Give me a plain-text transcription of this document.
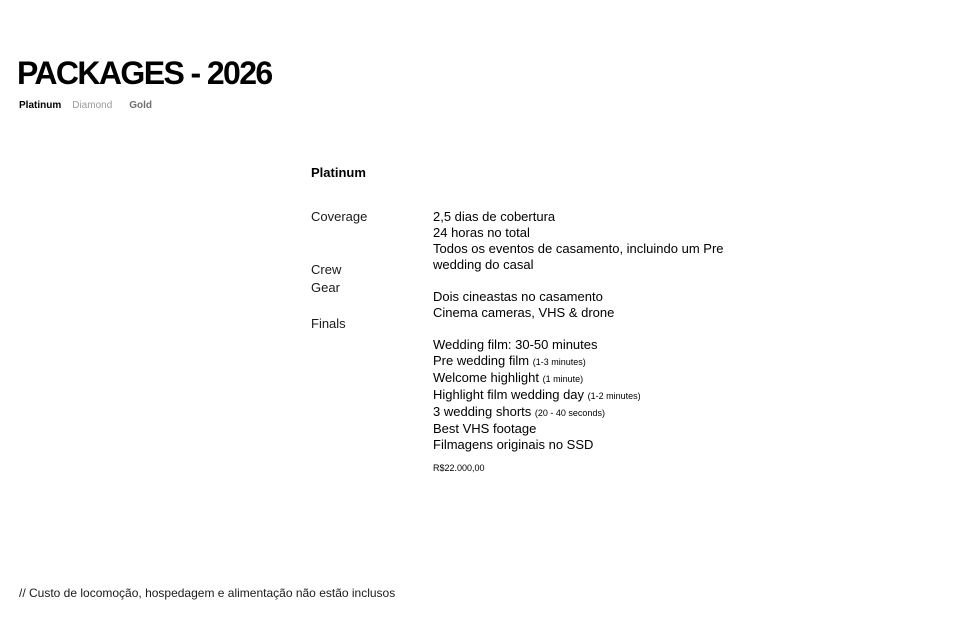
PACKAGES - 2026
Platinum Diamond Gold
Platinum
Coverage
Crew
Gear
Finals
2,5 dias de cobertura
24 horas no total
Todos os eventos de casamento, incluindo um Pre wedding do casal
Dois cineastas no casamento
Cinema cameras, VHS & drone
Wedding film: 30-50 minutes
Pre wedding film (1-3 minutes)
Welcome highlight (1 minute)
Highlight film wedding day (1-2 minutes)
3 wedding shorts (20 - 40 seconds)
Best VHS footage
Filmagens originais no SSD
R$22.000,00
// Custo de locomoção, hospedagem e alimentação não estão inclusos
